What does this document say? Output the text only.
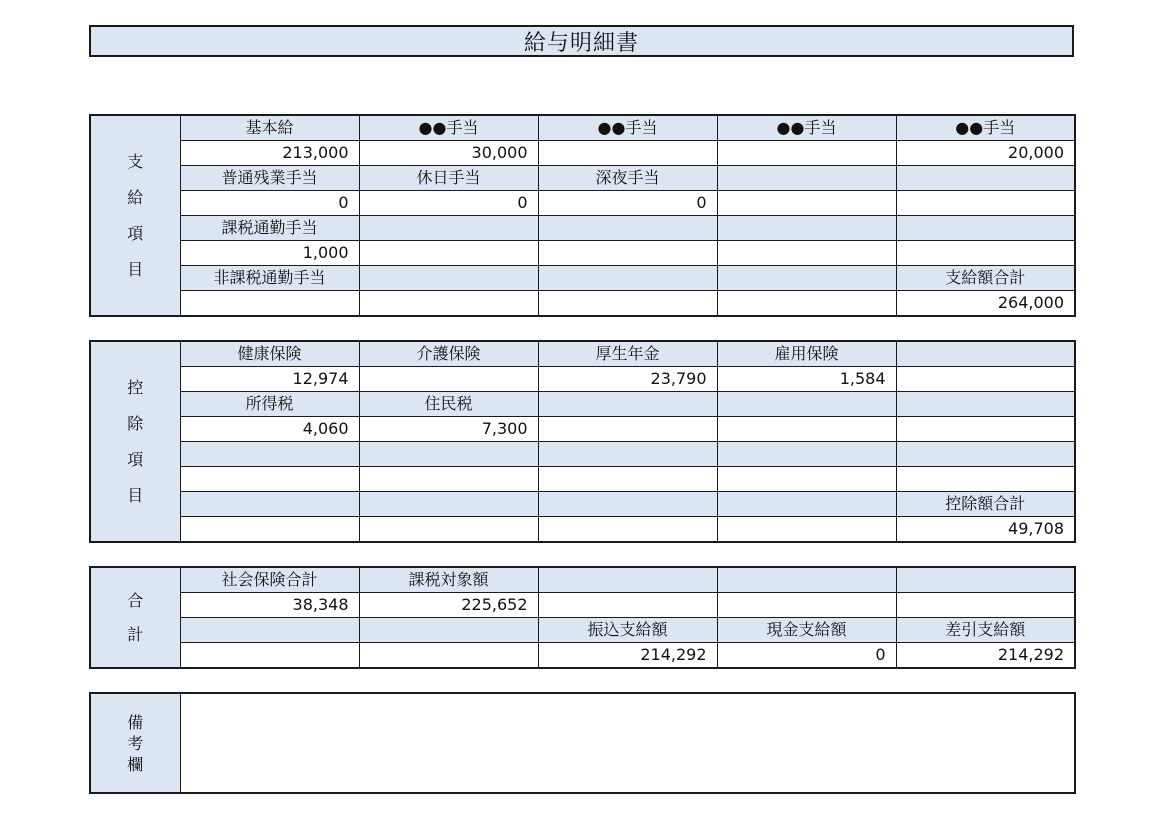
給与明細書
支
給
項
目	基本給	●●手当	●●手当	●●手当	●●手当
	213,000	30,000			20,000
	普通残業手当	休日手当	深夜手当		
	0	0	0		
	課税通勤手当				
	1,000				
	非課税通勤手当				支給額合計
					264,000
控
除
項
目	健康保険	介護保険	厚生年金	雇用保険	
	12,974		23,790	1,584	
	所得税	住民税			
	4,060	7,300			

					控除額合計
					49,708
合
計	社会保険合計	課税対象額			
	38,348	225,652			
			振込支給額	現金支給額	差引支給額
			214,292	0	214,292
備
考
欄
